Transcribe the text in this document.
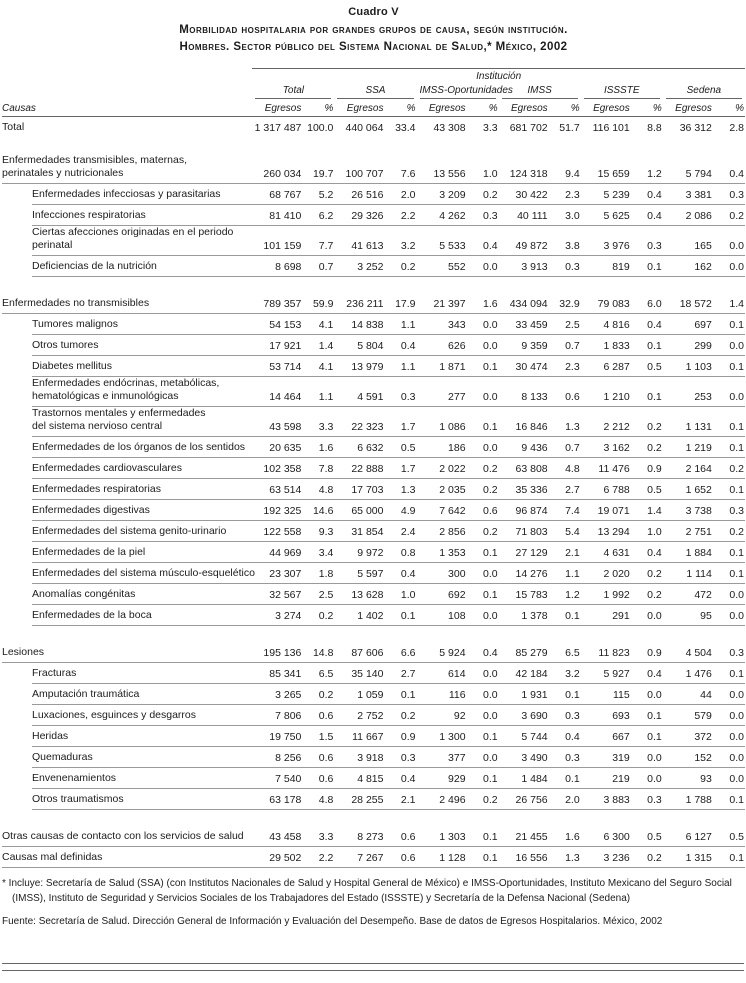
Cuadro V
Morbilidad hospitalaria por grandes grupos de causa, según institución.
Hombres. Sector público del Sistema Nacional de Salud,* México, 2002
	Institución											

	Total		SSA		IMSS-Oportunidades		IMSS		ISSSTE		Sedena	

Causas	Egresos	%	Egresos	%	Egresos	%	Egresos	%	Egresos	%	Egresos	%

Total	1 317 487	100.0	440 064	33.4	43 308	3.3	681 702	51.7	116 101	8.8	36 312	2.8

Enfermedades transmisibles, maternas,
perinatales y nutricionales	260 034	19.7	100 707	7.6	13 556	1.0	124 318	9.4	15 659	1.2	5 794	0.4

Enfermedades infecciosas y parasitarias	68 767	5.2	26 516	2.0	3 209	0.2	30 422	2.3	5 239	0.4	3 381	0.3

Infecciones respiratorias	81 410	6.2	29 326	2.2	4 262	0.3	40 111	3.0	5 625	0.4	2 086	0.2

Ciertas afecciones originadas en el periodo
perinatal	101 159	7.7	41 613	3.2	5 533	0.4	49 872	3.8	3 976	0.3	165	0.0

Deficiencias de la nutrición	8 698	0.7	3 252	0.2	552	0.0	3 913	0.3	819	0.1	162	0.0

Enfermedades no transmisibles	789 357	59.9	236 211	17.9	21 397	1.6	434 094	32.9	79 083	6.0	18 572	1.4

Tumores malignos	54 153	4.1	14 838	1.1	343	0.0	33 459	2.5	4 816	0.4	697	0.1

Otros tumores	17 921	1.4	5 804	0.4	626	0.0	9 359	0.7	1 833	0.1	299	0.0

Diabetes mellitus	53 714	4.1	13 979	1.1	1 871	0.1	30 474	2.3	6 287	0.5	1 103	0.1

Enfermedades endócrinas, metabólicas,
hematológicas e inmunológicas	14 464	1.1	4 591	0.3	277	0.0	8 133	0.6	1 210	0.1	253	0.0

Trastornos mentales y enfermedades
del sistema nervioso central	43 598	3.3	22 323	1.7	1 086	0.1	16 846	1.3	2 212	0.2	1 131	0.1

Enfermedades de los órganos de los sentidos	20 635	1.6	6 632	0.5	186	0.0	9 436	0.7	3 162	0.2	1 219	0.1

Enfermedades cardiovasculares	102 358	7.8	22 888	1.7	2 022	0.2	63 808	4.8	11 476	0.9	2 164	0.2

Enfermedades respiratorias	63 514	4.8	17 703	1.3	2 035	0.2	35 336	2.7	6 788	0.5	1 652	0.1

Enfermedades digestivas	192 325	14.6	65 000	4.9	7 642	0.6	96 874	7.4	19 071	1.4	3 738	0.3

Enfermedades del sistema genito-urinario	122 558	9.3	31 854	2.4	2 856	0.2	71 803	5.4	13 294	1.0	2 751	0.2

Enfermedades de la piel	44 969	3.4	9 972	0.8	1 353	0.1	27 129	2.1	4 631	0.4	1 884	0.1

Enfermedades del sistema músculo-esquelético	23 307	1.8	5 597	0.4	300	0.0	14 276	1.1	2 020	0.2	1 114	0.1

Anomalías congénitas	32 567	2.5	13 628	1.0	692	0.1	15 783	1.2	1 992	0.2	472	0.0

Enfermedades de la boca	3 274	0.2	1 402	0.1	108	0.0	1 378	0.1	291	0.0	95	0.0

Lesiones	195 136	14.8	87 606	6.6	5 924	0.4	85 279	6.5	11 823	0.9	4 504	0.3

Fracturas	85 341	6.5	35 140	2.7	614	0.0	42 184	3.2	5 927	0.4	1 476	0.1

Amputación traumática	3 265	0.2	1 059	0.1	116	0.0	1 931	0.1	115	0.0	44	0.0

Luxaciones, esguinces y desgarros	7 806	0.6	2 752	0.2	92	0.0	3 690	0.3	693	0.1	579	0.0

Heridas	19 750	1.5	11 667	0.9	1 300	0.1	5 744	0.4	667	0.1	372	0.0

Quemaduras	8 256	0.6	3 918	0.3	377	0.0	3 490	0.3	319	0.0	152	0.0

Envenenamientos	7 540	0.6	4 815	0.4	929	0.1	1 484	0.1	219	0.0	93	0.0

Otros traumatismos	63 178	4.8	28 255	2.1	2 496	0.2	26 756	2.0	3 883	0.3	1 788	0.1

Otras causas de contacto con los servicios de salud	43 458	3.3	8 273	0.6	1 303	0.1	21 455	1.6	6 300	0.5	6 127	0.5

Causas mal definidas	29 502	2.2	7 267	0.6	1 128	0.1	16 556	1.3	3 236	0.2	1 315	0.1
* Incluye: Secretaría de Salud (SSA) (con Institutos Nacionales de Salud y Hospital General de México) e IMSS-Oportunidades, Instituto Mexicano del Seguro Social (IMSS), Instituto de Seguridad y Servicios Sociales de los Trabajadores del Estado (ISSSTE) y Secretaría de la Defensa Nacional (Sedena)
Fuente: Secretaría de Salud. Dirección General de Información y Evaluación del Desempeño. Base de datos de Egresos Hospitalarios. México, 2002
